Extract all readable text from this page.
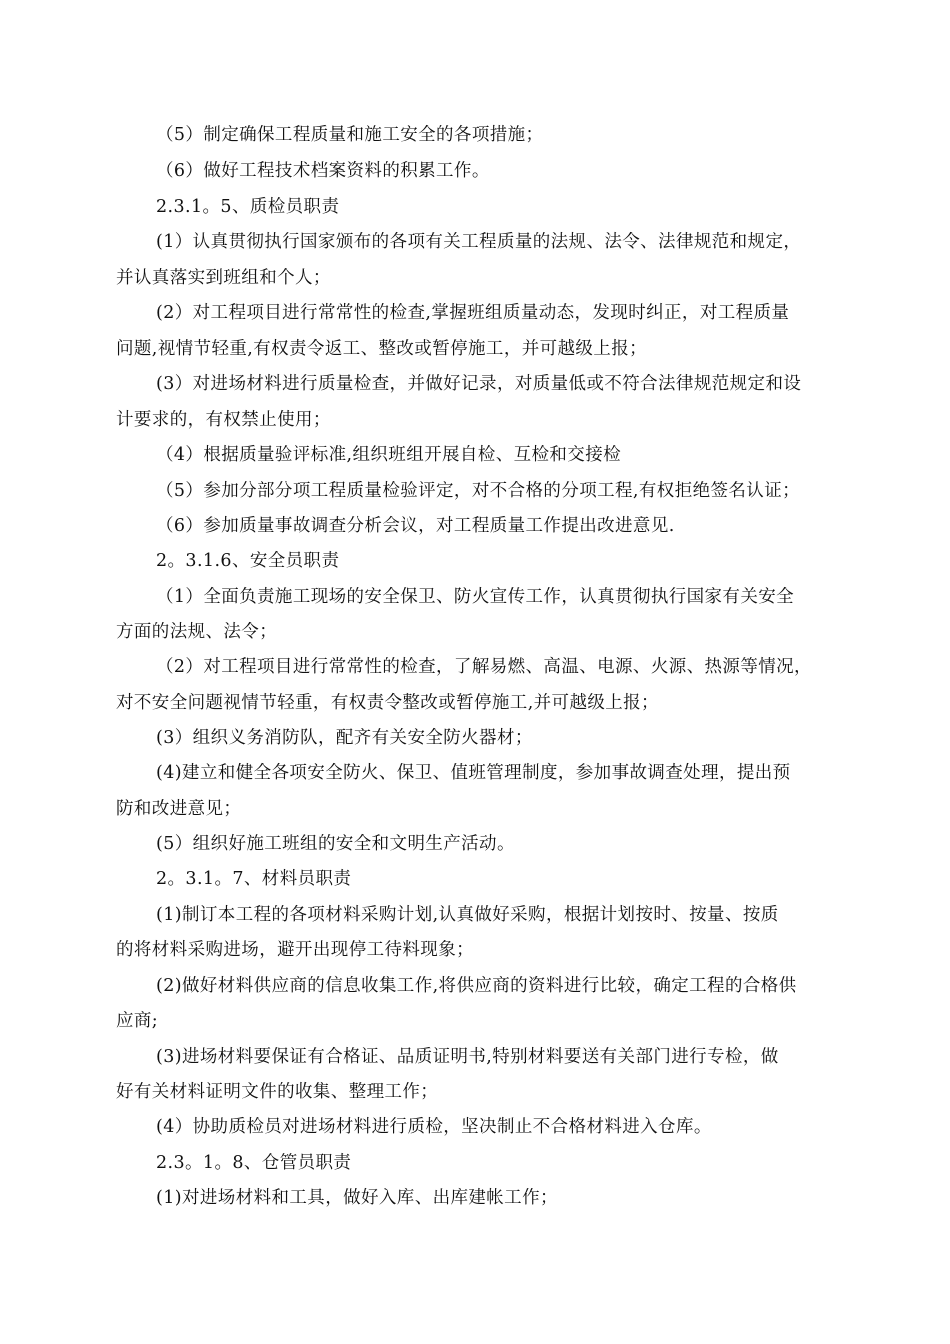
（5）制定确保工程质量和施工安全的各项措施；
（6）做好工程技术档案资料的积累工作。
2.3.1。5、质检员职责
(1）认真贯彻执行国家颁布的各项有关工程质量的法规、法令、法律规范和规定，
并认真落实到班组和个人；
(2）对工程项目进行常常性的检查,掌握班组质量动态，发现时纠正，对工程质量
问题,视情节轻重,有权责令返工、整改或暂停施工，并可越级上报；
(3）对进场材料进行质量检查，并做好记录，对质量低或不符合法律规范规定和设
计要求的，有权禁止使用；
（4）根据质量验评标准,组织班组开展自检、互检和交接检
（5）参加分部分项工程质量检验评定，对不合格的分项工程,有权拒绝签名认证；
（6）参加质量事故调查分析会议，对工程质量工作提出改进意见.
2。3.1.6、安全员职责
（1）全面负责施工现场的安全保卫、防火宣传工作，认真贯彻执行国家有关安全
方面的法规、法令；
（2）对工程项目进行常常性的检查，了解易燃、高温、电源、火源、热源等情况，
对不安全问题视情节轻重，有权责令整改或暂停施工,并可越级上报；
(3）组织义务消防队，配齐有关安全防火器材；
(4)建立和健全各项安全防火、保卫、值班管理制度，参加事故调查处理，提出预
防和改进意见；
(5）组织好施工班组的安全和文明生产活动。
2。3.1。7、材料员职责
(1)制订本工程的各项材料采购计划,认真做好采购，根据计划按时、按量、按质
的将材料采购进场，避开出现停工待料现象；
(2)做好材料供应商的信息收集工作,将供应商的资料进行比较，确定工程的合格供
应商;
(3)进场材料要保证有合格证、品质证明书,特别材料要送有关部门进行专检，做
好有关材料证明文件的收集、整理工作；
(4）协助质检员对进场材料进行质检，坚决制止不合格材料进入仓库。
2.3。1。8、仓管员职责
(1)对进场材料和工具，做好入库、出库建帐工作；
